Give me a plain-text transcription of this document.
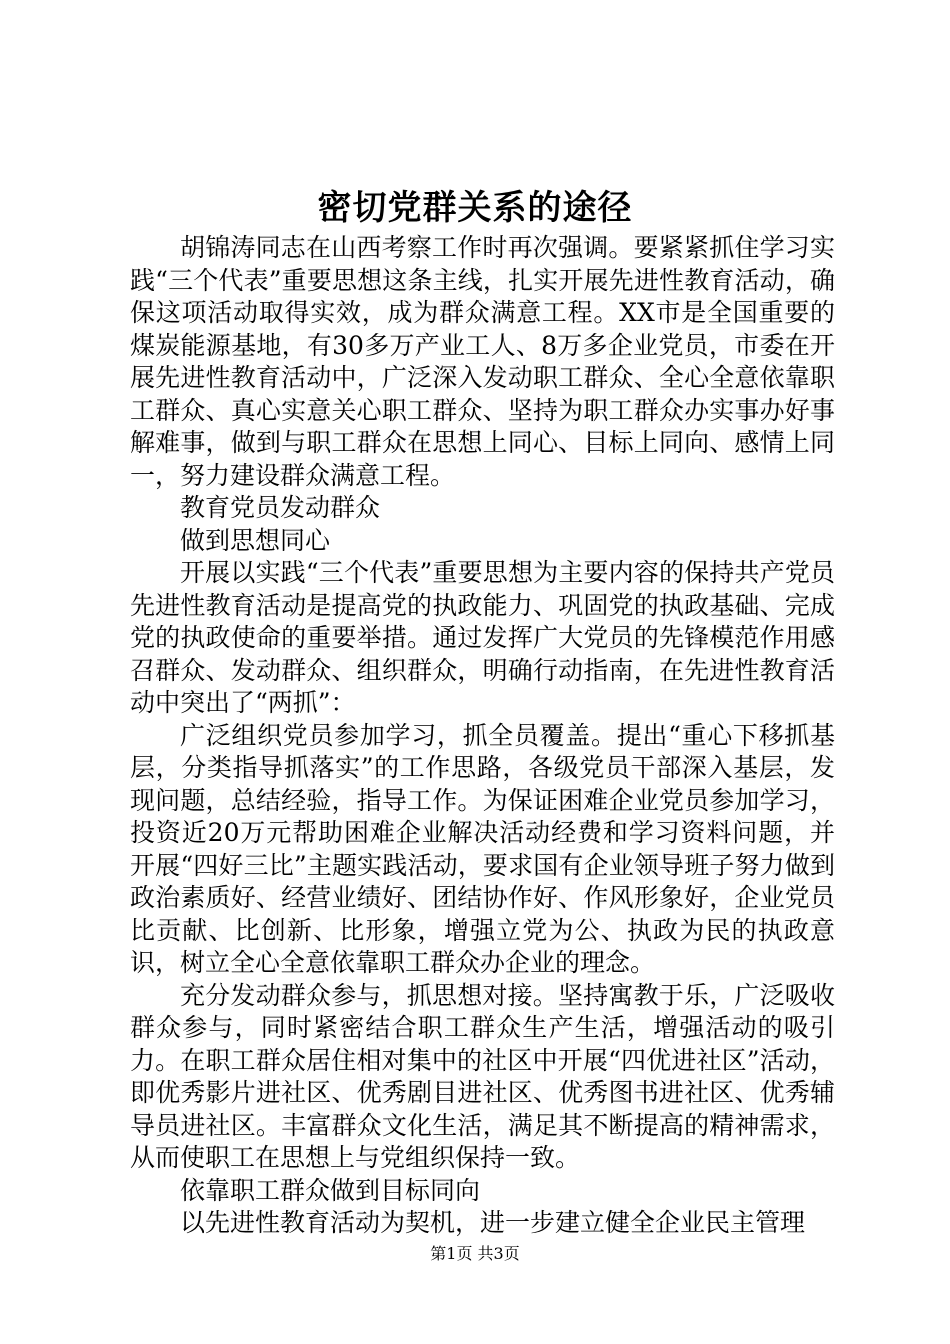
密切党群关系的途径

胡锦涛同志在山西考察工作时再次强调。要紧紧抓住学习实践“三个代表”重要思想这条主线，扎实开展先进性教育活动，确保这项活动取得实效，成为群众满意工程。XX市是全国重要的煤炭能源基地，有30多万产业工人、8万多企业党员，市委在开展先进性教育活动中，广泛深入发动职工群众、全心全意依靠职工群众、真心实意关心职工群众、坚持为职工群众办实事办好事解难事，做到与职工群众在思想上同心、目标上同向、感情上同一，努力建设群众满意工程。

教育党员发动群众

做到思想同心

开展以实践“三个代表”重要思想为主要内容的保持共产党员先进性教育活动是提高党的执政能力、巩固党的执政基础、完成党的执政使命的重要举措。通过发挥广大党员的先锋模范作用感召群众、发动群众、组织群众，明确行动指南，在先进性教育活动中突出了“两抓”：

广泛组织党员参加学习，抓全员覆盖。提出“重心下移抓基层，分类指导抓落实”的工作思路，各级党员干部深入基层，发现问题，总结经验，指导工作。为保证困难企业党员参加学习，投资近20万元帮助困难企业解决活动经费和学习资料问题，并开展“四好三比”主题实践活动，要求国有企业领导班子努力做到政治素质好、经营业绩好、团结协作好、作风形象好，企业党员比贡献、比创新、比形象，增强立党为公、执政为民的执政意识，树立全心全意依靠职工群众办企业的理念。

充分发动群众参与，抓思想对接。坚持寓教于乐，广泛吸收群众参与，同时紧密结合职工群众生产生活，增强活动的吸引力。在职工群众居住相对集中的社区中开展“四优进社区”活动，即优秀影片进社区、优秀剧目进社区、优秀图书进社区、优秀辅导员进社区。丰富群众文化生活，满足其不断提高的精神需求，从而使职工在思想上与党组织保持一致。

依靠职工群众做到目标同向

以先进性教育活动为契机，进一步建立健全企业民主管理

第1页 共3页
